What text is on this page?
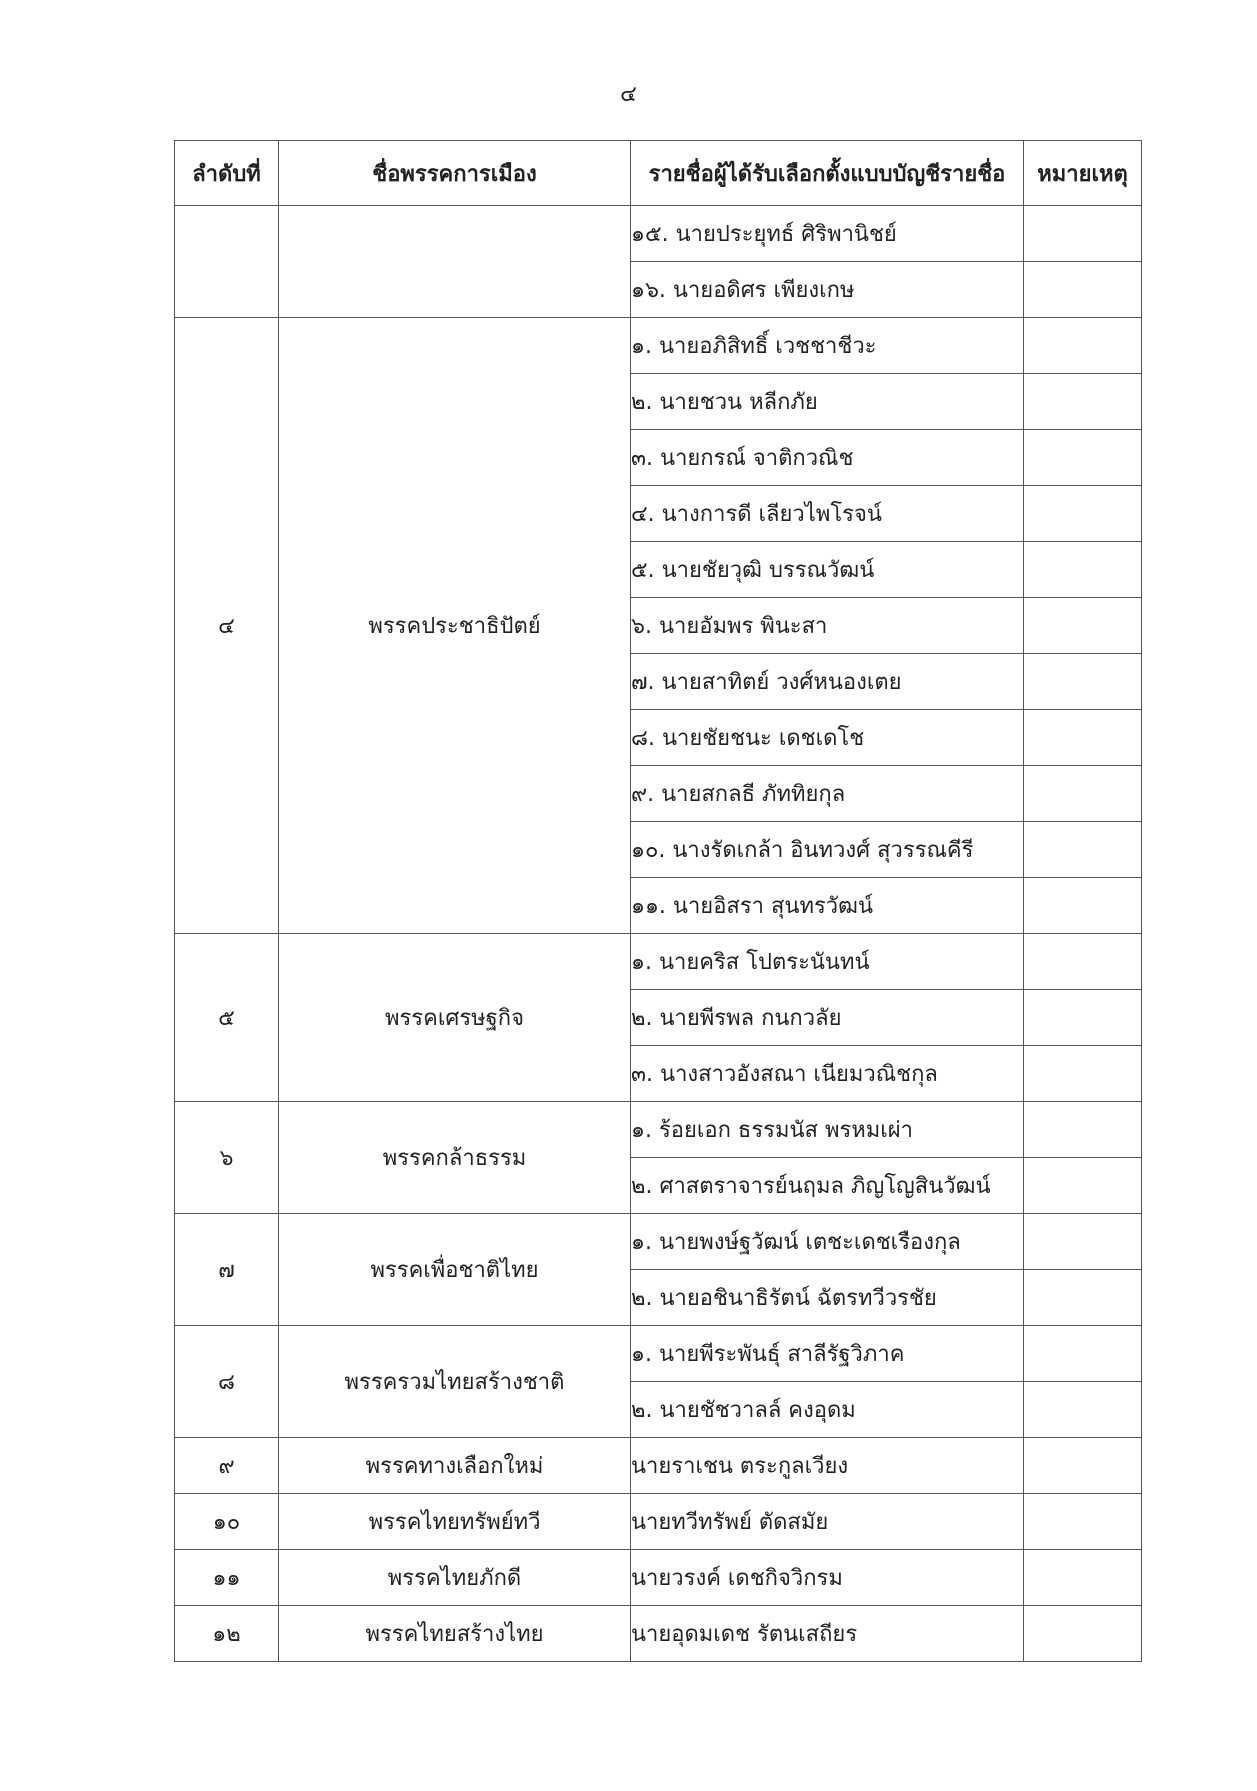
๔
ลำดับที่	ชื่อพรรคการเมือง	รายชื่อผู้ได้รับเลือกตั้งแบบบัญชีรายชื่อ	หมายเหตุ
		๑๕. นายประยุทธ์ ศิริพานิชย์	
		๑๖. นายอดิศร เพียงเกษ	
๔	พรรคประชาธิปัตย์	๑. นายอภิสิทธิ์ เวชชาชีวะ	
		๒. นายชวน หลีกภัย	
		๓. นายกรณ์ จาติกวณิช	
		๔. นางการดี เลียวไพโรจน์	
		๕. นายชัยวุฒิ บรรณวัฒน์	
		๖. นายอัมพร พินะสา	
		๗. นายสาทิตย์ วงศ์หนองเตย	
		๘. นายชัยชนะ เดชเดโช	
		๙. นายสกลธี ภัททิยกุล	
		๑๐. นางรัดเกล้า อินทวงศ์ สุวรรณคีรี	
		๑๑. นายอิสรา สุนทรวัฒน์	
๕	พรรคเศรษฐกิจ	๑. นายคริส โปตระนันทน์	
		๒. นายพีรพล กนกวลัย	
		๓. นางสาวอังสณา เนียมวณิชกุล	
๖	พรรคกล้าธรรม	๑. ร้อยเอก ธรรมนัส พรหมเผ่า	
		๒. ศาสตราจารย์นฤมล ภิญโญสินวัฒน์	
๗	พรรคเพื่อชาติไทย	๑. นายพงษ์ฐวัฒน์ เตชะเดชเรืองกุล	
		๒. นายอชินาธิรัตน์ ฉัตรทวีวรชัย	
๘	พรรครวมไทยสร้างชาติ	๑. นายพีระพันธุ์ สาลีรัฐวิภาค	
		๒. นายชัชวาลล์ คงอุดม	
๙	พรรคทางเลือกใหม่	นายราเชน ตระกูลเวียง	
๑๐	พรรคไทยทรัพย์ทวี	นายทวีทรัพย์ ตัดสมัย	
๑๑	พรรคไทยภักดี	นายวรงค์ เดชกิจวิกรม	
๑๒	พรรคไทยสร้างไทย	นายอุดมเดช รัตนเสถียร	
